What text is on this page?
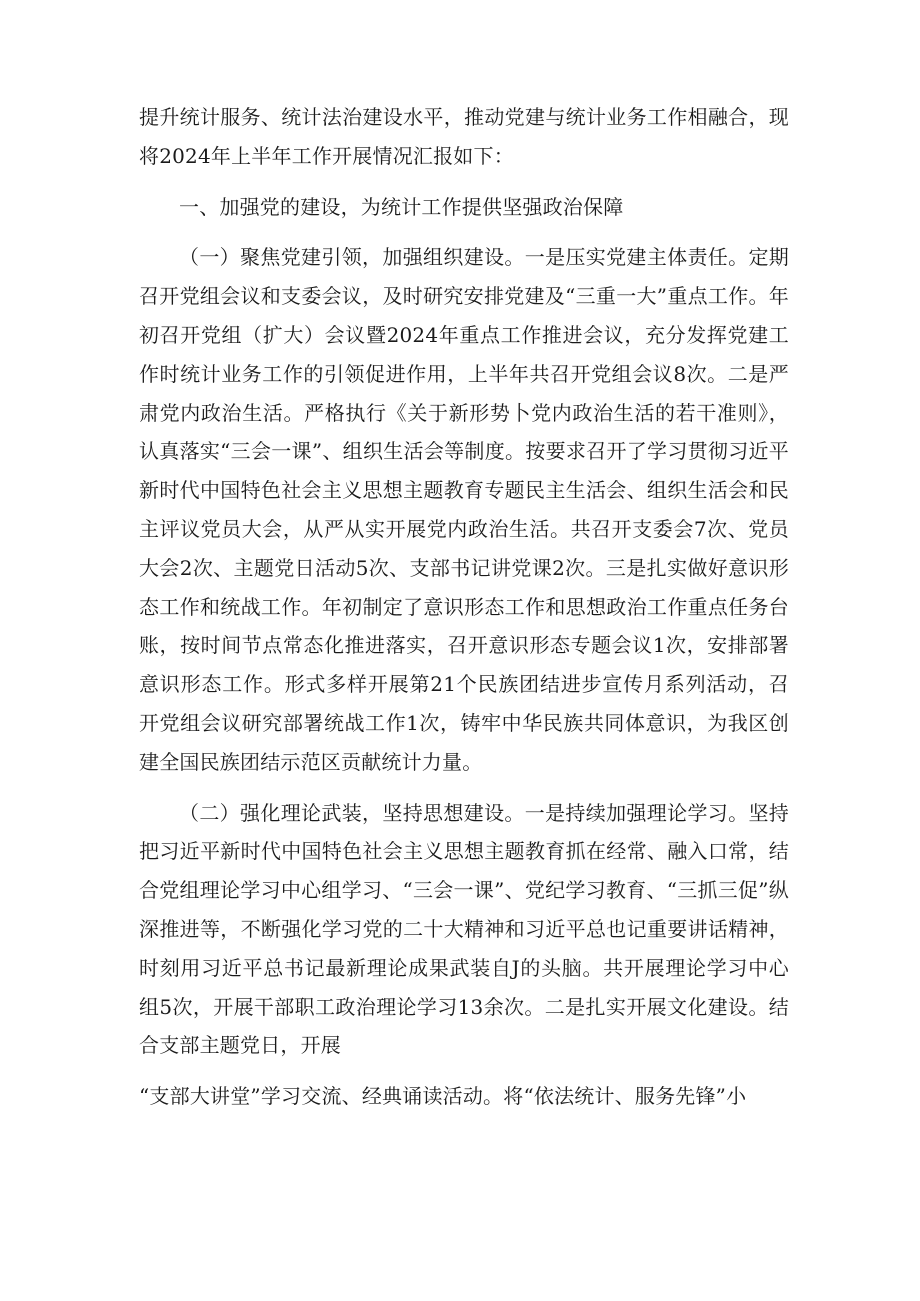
提升统计服务、统计法治建设水平，推动党建与统计业务工作相融合，现将2024年上半年工作开展情况汇报如下：

一、加强党的建设，为统计工作提供坚强政治保障

（一）聚焦党建引领，加强组织建设。一是压实党建主体责任。定期召开党组会议和支委会议，及时研究安排党建及“三重一大”重点工作。年初召开党组（扩大）会议暨2024年重点工作推进会议，充分发挥党建工作时统计业务工作的引领促进作用，上半年共召开党组会议8次。二是严肃党内政治生活。严格执行《关于新形势卜党内政治生活的若干准则》，认真落实“三会一课”、组织生活会等制度。按要求召开了学习贯彻习近平新时代中国特色社会主义思想主题教育专题民主生活会、组织生活会和民主评议党员大会，从严从实开展党内政治生活。共召开支委会7次、党员大会2次、主题党日活动5次、支部书记讲党课2次。三是扎实做好意识形态工作和统战工作。年初制定了意识形态工作和思想政治工作重点任务台账，按时间节点常态化推进落实，召开意识形态专题会议1次，安排部署意识形态工作。形式多样开展第21个民族团结进步宣传月系列活动，召开党组会议研究部署统战工作1次，铸牢中华民族共同体意识，为我区创建全国民族团结示范区贡献统计力量。

（二）强化理论武装，坚持思想建设。一是持续加强理论学习。坚持把习近平新时代中国特色社会主义思想主题教育抓在经常、融入口常，结合党组理论学习中心组学习、“三会一课”、党纪学习教育、“三抓三促”纵深推进等，不断强化学习党的二十大精神和习近平总也记重要讲话精神，时刻用习近平总书记最新理论成果武装自J的头脑。共开展理论学习中心组5次，开展干部职工政治理论学习13余次。二是扎实开展文化建设。结合支部主题党日，开展

“支部大讲堂”学习交流、经典诵读活动。将“依法统计、服务先锋”小
